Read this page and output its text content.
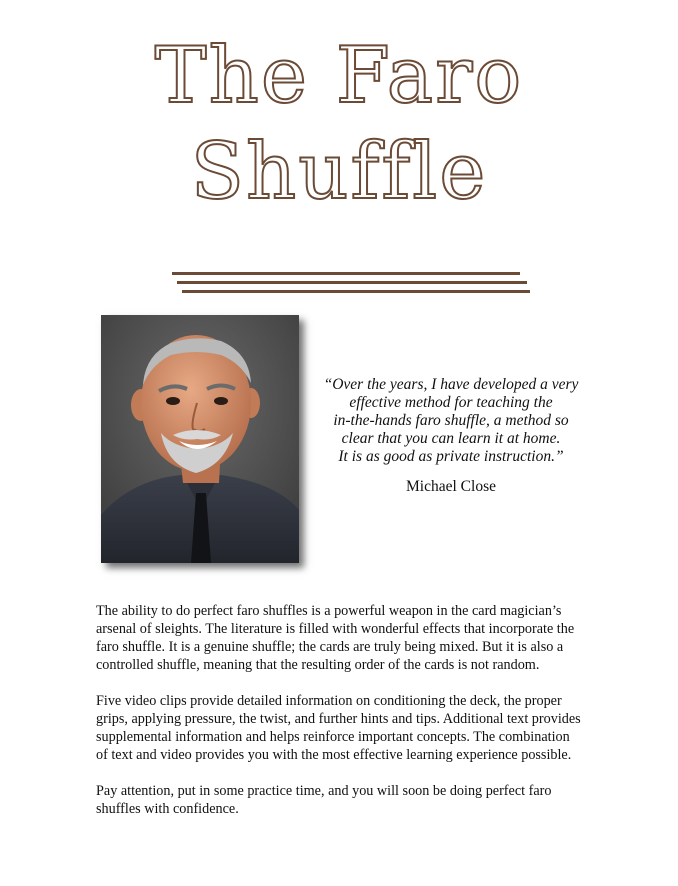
The Faro
Shuffle
“Over the years, I have developed a very
effective method for teaching the
in-the-hands faro shuffle, a method so
clear that you can learn it at home.
It is as good as private instruction.”
Michael Close

The ability to do perfect faro shuffles is a powerful weapon in the card magician’s
arsenal of sleights. The literature is filled with wonderful effects that incorporate the
faro shuffle. It is a genuine shuffle; the cards are truly being mixed. But it is also a
controlled shuffle, meaning that the resulting order of the cards is not random.

Five video clips provide detailed information on conditioning the deck, the proper
grips, applying pressure, the twist, and further hints and tips. Additional text provides
supplemental information and helps reinforce important concepts. The combination
of text and video provides you with the most effective learning experience possible.

Pay attention, put in some practice time, and you will soon be doing perfect faro
shuffles with confidence.
